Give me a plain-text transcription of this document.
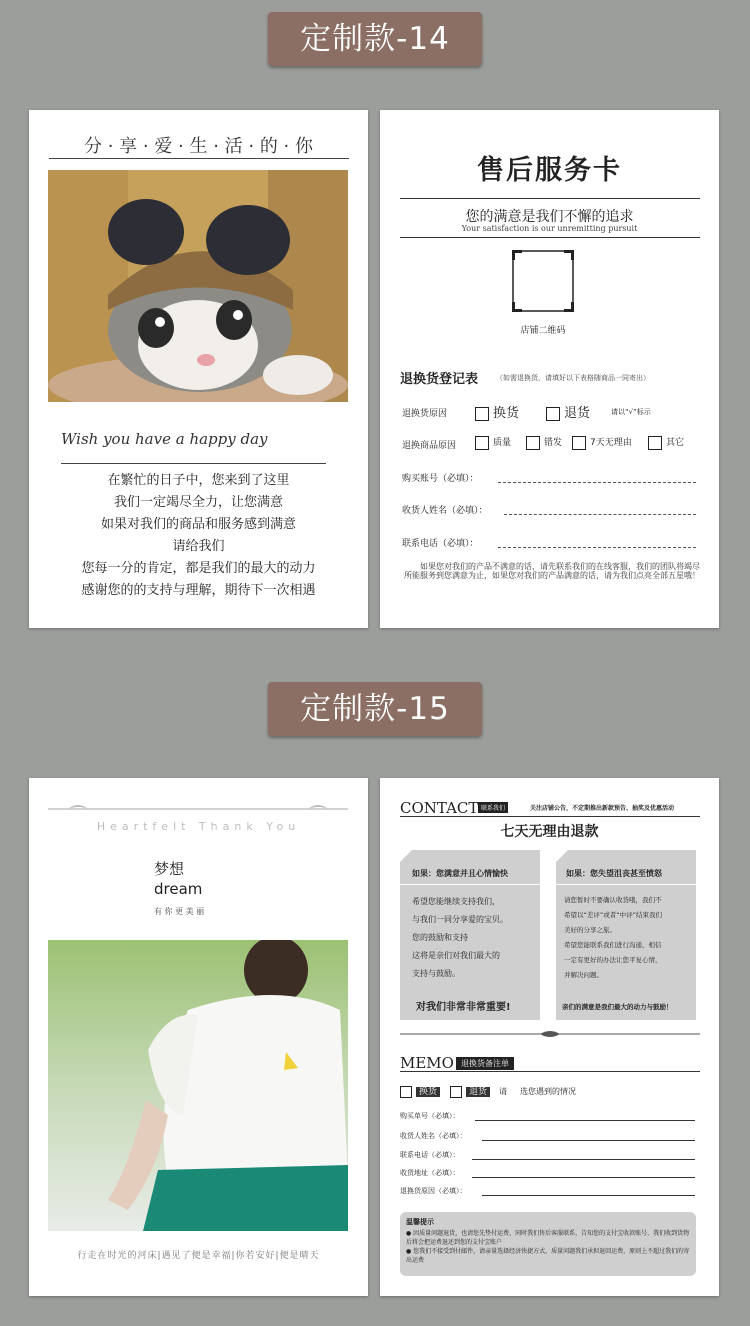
定制款-14
分 · 享 · 爱 · 生 · 活 · 的 · 你
Wish you have a happy day
在繁忙的日子中，您来到了这里
我们一定竭尽全力，让您满意
如果对我们的商品和服务感到满意
请给我们
您每一分的肯定，都是我们的最大的动力
感谢您的的支持与理解，期待下一次相遇
售后服务卡
您的满意是我们不懈的追求
Your satisfaction is our unremitting pursuit
店铺二维码
退换货登记表	（如需退换货，请填好以下表格随商品一同寄出）
退换货原因	换货	退货	请以“√”标示
退换商品原因	质量	错发	7天无理由	其它
购买账号（必填）：
收货人姓名（必填）：
联系电话（必填）：
如果您对我们的产品不满意的话，请先联系我们的在线客服，我们的团队将竭尽所能服务到您满意为止，如果您对我们的产品满意的话，请为我们点亮全部五星哦！
定制款-15
Heartfelt Thank You
梦想
dream
有 你 更 美 丽
行走在时光的河床|遇见了便是幸福|你若安好|便是晴天
CONTACT 联系我们	关注店铺公告，不定期推出新款预告、抽奖及优惠活动
七天无理由退款
如果：您满意并且心情愉快
希望您能继续支持我们，
与我们一同分享爱的宝贝。
您的鼓励和支持
这将是亲们对我们最大的
支持与鼓励。
对我们非常非常重要!
如果：您失望沮丧甚至愤怒
请您暂时不要确认收货哦，我们不
希望以“差评”或者“中评”结束我们
美好的分享之旅。
希望您能联系我们进行沟通，相信
一定有更好的办法让您平复心情，
并解决问题。
亲们的满意是我们最大的动力与鼓励！
MEMO 退换货备注单
换货	退货	请 选您遇到的情况
购买单号（必填）：
收货人姓名（必填）：
联系电话（必填）：
收货地址（必填）：
退换货原因（必填）：
温馨提示
● 因质量问题退货，也请您先垫付运费，同时我们售后客服联系，告知您的支付宝收款账号，我们收到货物后将会把运费退还到您的支付宝账户
● 您我们不接受到付邮件，请亲量选择经济快捷方式，质量问题我们承担退回运费，原则上不超过我们的寄出运费
